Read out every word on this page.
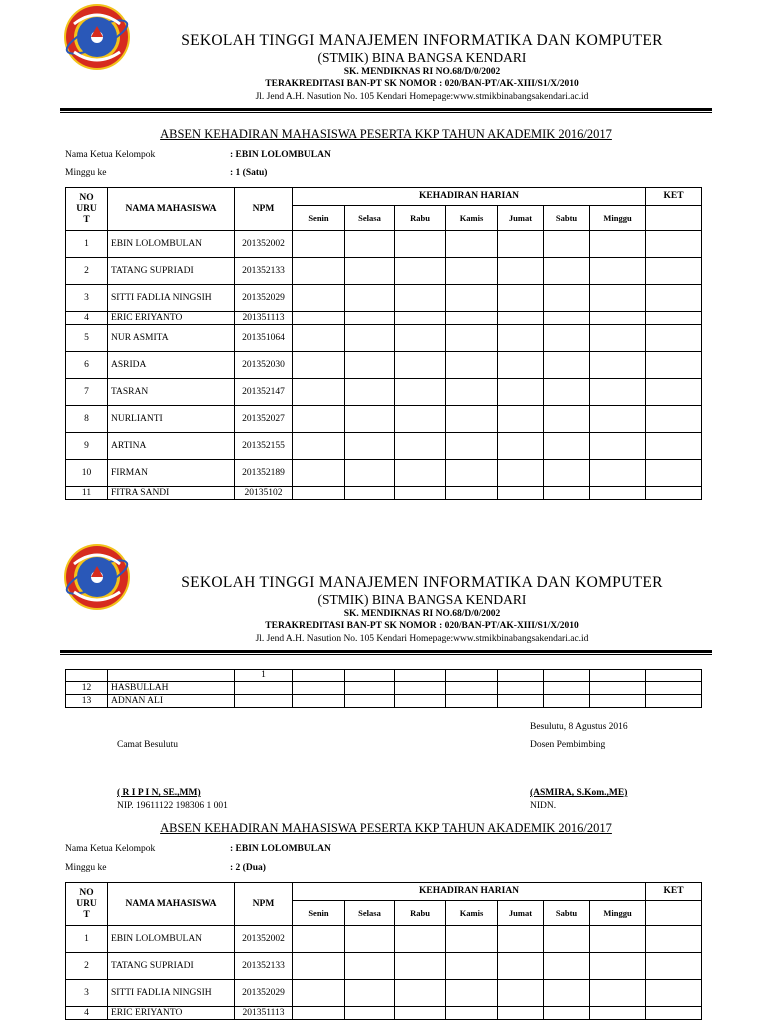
SEKOLAH TINGGI MANAJEMEN INFORMATIKA DAN KOMPUTER
(STMIK) BINA BANGSA KENDARI
SK. MENDIKNAS RI NO.68/D/0/2002
TERAKREDITASI BAN-PT SK NOMOR : 020/BAN-PT/AK-XIII/S1/X/2010
Jl. Jend A.H. Nasution No. 105 Kendari Homepage:www.stmikbinabangsakendari.ac.id
ABSEN KEHADIRAN MAHASISWA PESERTA KKP TAHUN AKADEMIK 2016/2017
Nama Ketua Kelompok	: EBIN LOLOMBULAN
Minggu ke	: 1 (Satu)
NO
URU
T	NAMA MAHASISWA	NPM	KEHADIRAN HARIAN							KET
			Senin	Selasa	Rabu	Kamis	Jumat	Sabtu	Minggu	
1	EBIN LOLOMBULAN	201352002								
2	TATANG SUPRIADI	201352133								
3	SITTI FADLIA NINGSIH	201352029								
4	ERIC ERIYANTO	201351113								
5	NUR ASMITA	201351064								
6	ASRIDA	201352030								
7	TASRAN	201352147								
8	NURLIANTI	201352027								
9	ARTINA	201352155								
10	FIRMAN	201352189								
11	FITRA SANDI	20135102								
SEKOLAH TINGGI MANAJEMEN INFORMATIKA DAN KOMPUTER
(STMIK) BINA BANGSA KENDARI
SK. MENDIKNAS RI NO.68/D/0/2002
TERAKREDITASI BAN-PT SK NOMOR : 020/BAN-PT/AK-XIII/S1/X/2010
Jl. Jend A.H. Nasution No. 105 Kendari Homepage:www.stmikbinabangsakendari.ac.id
		1								
12	HASBULLAH									
13	ADNAN ALI									
Besulutu, 8 Agustus 2016
Camat Besulutu	Dosen Pembimbing
( R I P I N, SE.,MM)
NIP. 19611122 198306 1 001
(ASMIRA, S.Kom.,ME)
NIDN.
ABSEN KEHADIRAN MAHASISWA PESERTA KKP TAHUN AKADEMIK 2016/2017
Nama Ketua Kelompok	: EBIN LOLOMBULAN
Minggu ke	: 2 (Dua)
NO
URU
T	NAMA MAHASISWA	NPM	KEHADIRAN HARIAN							KET
			Senin	Selasa	Rabu	Kamis	Jumat	Sabtu	Minggu	
1	EBIN LOLOMBULAN	201352002								
2	TATANG SUPRIADI	201352133								
3	SITTI FADLIA NINGSIH	201352029								
4	ERIC ERIYANTO	201351113								
